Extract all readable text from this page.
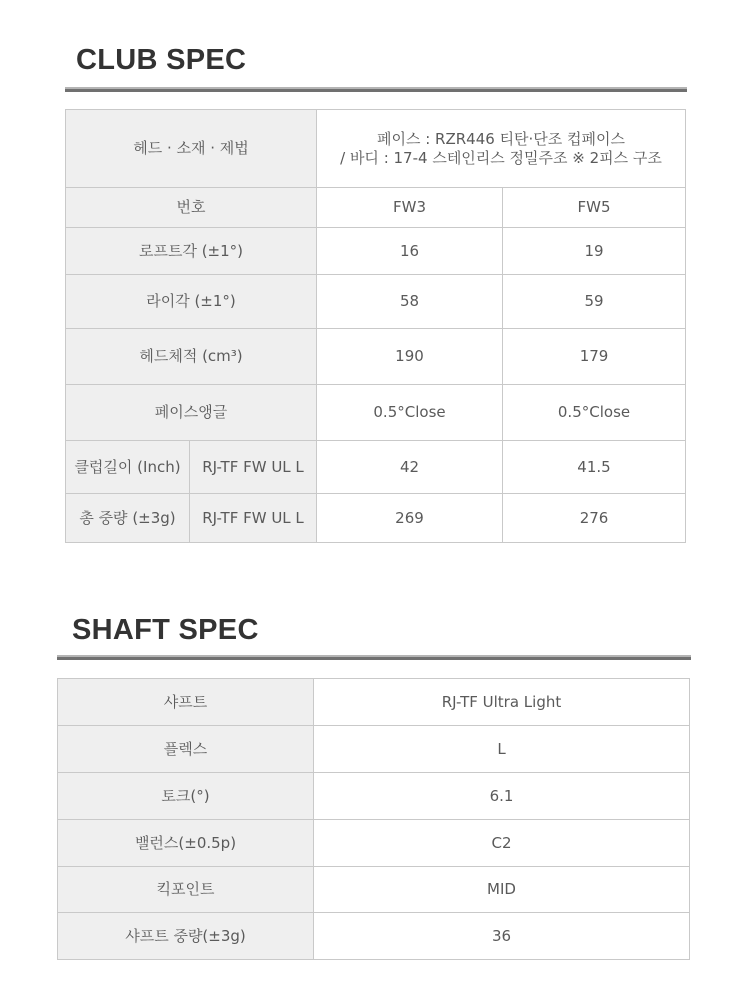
CLUB SPEC
헤드 · 소재 · 제법		페이스 : RZR446 티탄·단조 컵페이스
/ 바디 : 17-4 스테인리스 정밀주조 ※ 2피스 구조	

번호		FW3	FW5
로프트각 (±1°)		16	19
라이각 (±1°)		58	59
헤드체적 (cm³)		190	179
페이스앵글		0.5°Close	0.5°Close
클럽길이 (Inch)	RJ-TF FW UL L	42	41.5
총 중량 (±3g)	RJ-TF FW UL L	269	276
SHAFT SPEC
샤프트	RJ-TF Ultra Light
플렉스	L
토크(°)	6.1
밸런스(±0.5p)	C2
킥포인트	MID
샤프트 중량(±3g)	36
